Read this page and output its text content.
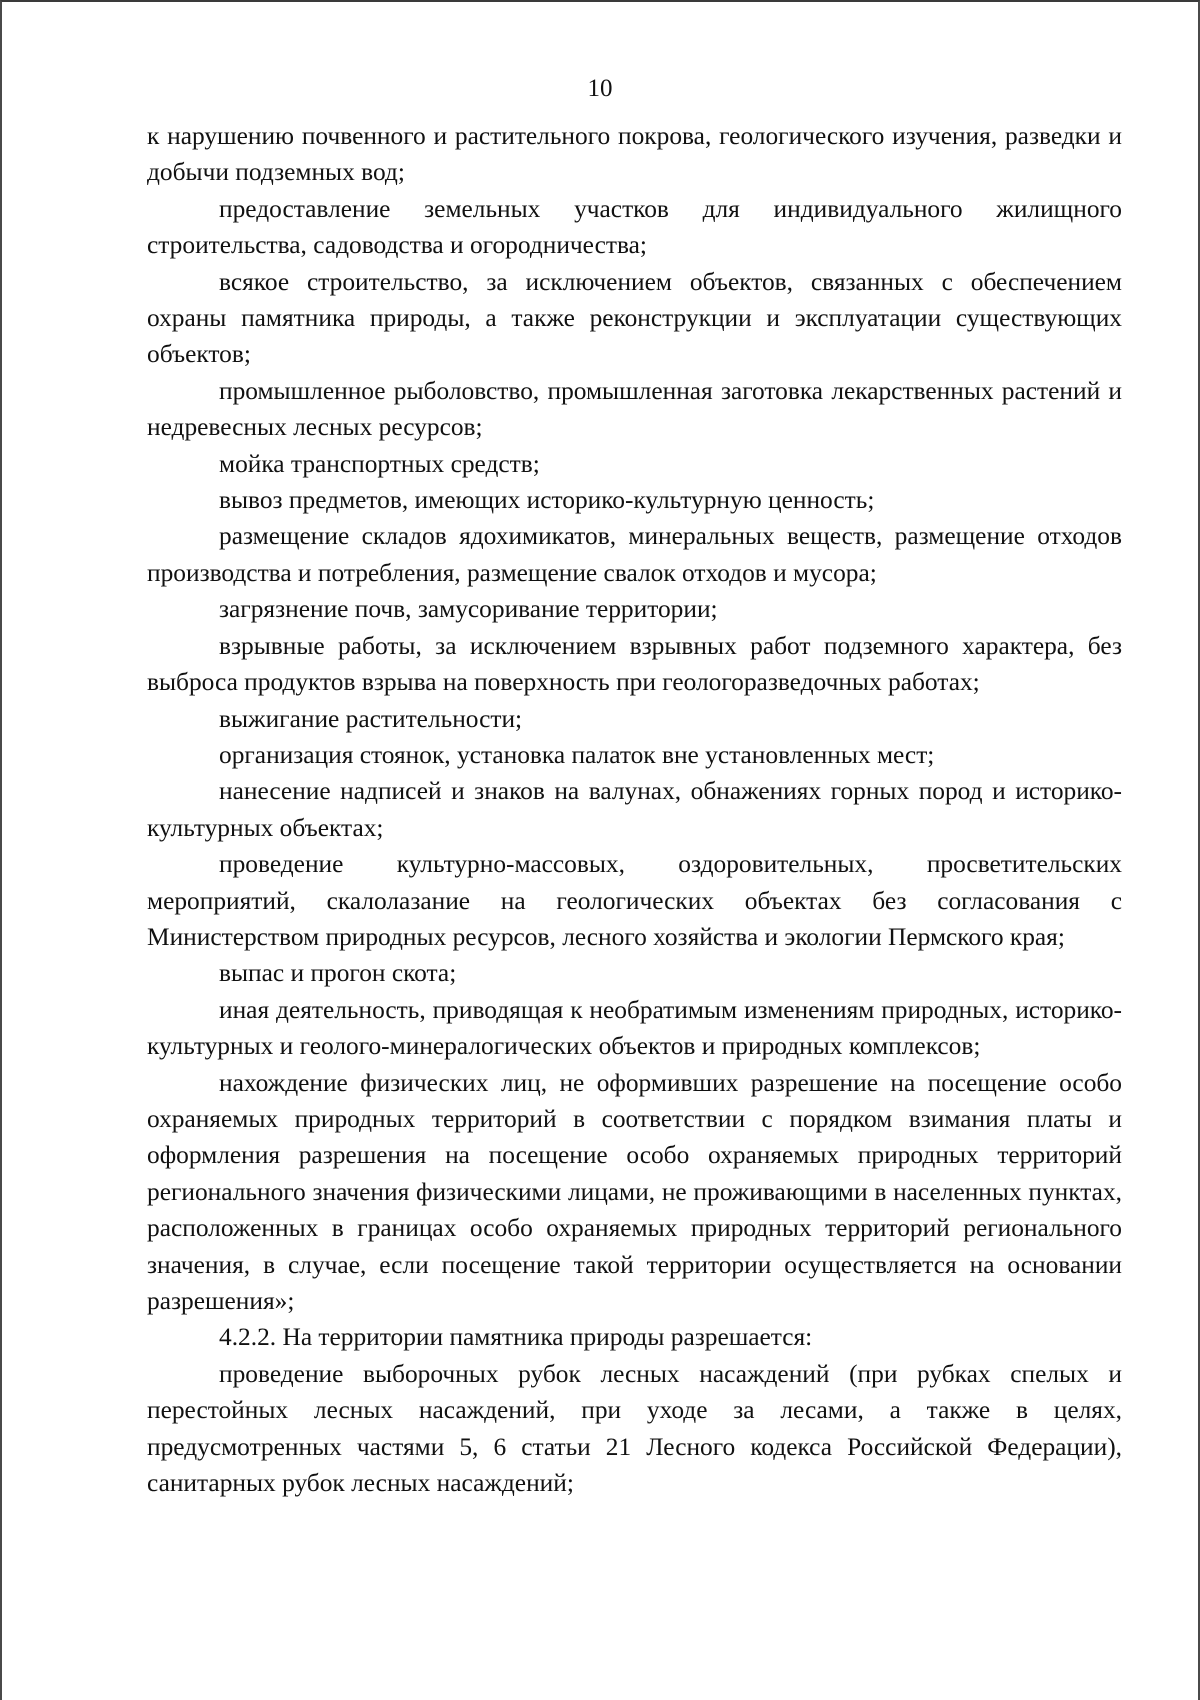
10

к нарушению почвенного и растительного покрова, геологического изучения, разведки и добычи подземных вод;

предоставление земельных участков для индивидуального жилищного строительства, садоводства и огородничества;

всякое строительство, за исключением объектов, связанных с обеспечением охраны памятника природы, а также реконструкции и эксплуатации существующих объектов;

промышленное рыболовство, промышленная заготовка лекарственных растений и недревесных лесных ресурсов;

мойка транспортных средств;

вывоз предметов, имеющих историко-культурную ценность;

размещение складов ядохимикатов, минеральных веществ, размещение отходов производства и потребления, размещение свалок отходов и мусора;

загрязнение почв, замусоривание территории;

взрывные работы, за исключением взрывных работ подземного характера, без выброса продуктов взрыва на поверхность при геологоразведочных работах;

выжигание растительности;

организация стоянок, установка палаток вне установленных мест;

нанесение надписей и знаков на валунах, обнажениях горных пород и историко-культурных объектах;

проведение культурно-массовых, оздоровительных, просветительских мероприятий, скалолазание на геологических объектах без согласования с Министерством природных ресурсов, лесного хозяйства и экологии Пермского края;

выпас и прогон скота;

иная деятельность, приводящая к необратимым изменениям природных, историко-культурных и геолого-минералогических объектов и природных комплексов;

нахождение физических лиц, не оформивших разрешение на посещение особо охраняемых природных территорий в соответствии с порядком взимания платы и оформления разрешения на посещение особо охраняемых природных территорий регионального значения физическими лицами, не проживающими в населенных пунктах, расположенных в границах особо охраняемых природных территорий регионального значения, в случае, если посещение такой территории осуществляется на основании разрешения»;

4.2.2. На территории памятника природы разрешается:

проведение выборочных рубок лесных насаждений (при рубках спелых и перестойных лесных насаждений, при уходе за лесами, а также в целях, предусмотренных частями 5, 6 статьи 21 Лесного кодекса Российской Федерации), санитарных рубок лесных насаждений;
